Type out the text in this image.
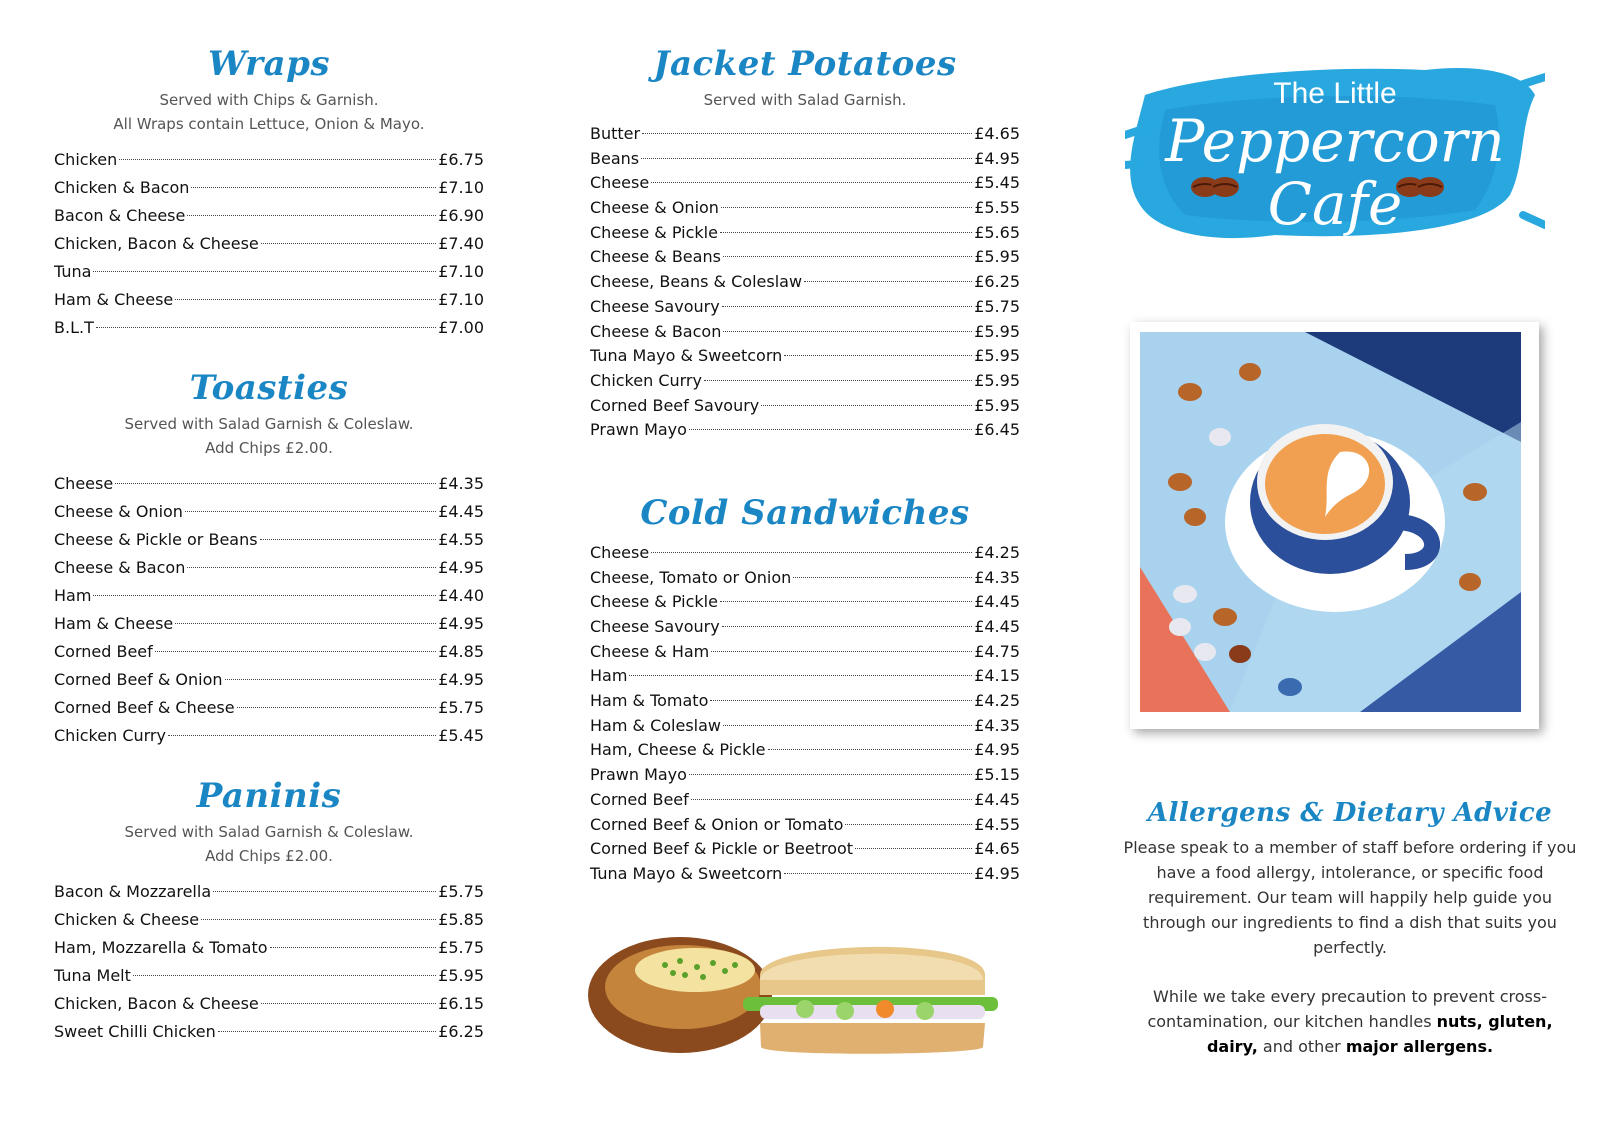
Wraps
Served with Chips & Garnish.
All Wraps contain Lettuce, Onion & Mayo.
Chicken	£6.75
Chicken & Bacon	£7.10
Bacon & Cheese	£6.90
Chicken, Bacon & Cheese	£7.40
Tuna	£7.10
Ham & Cheese	£7.10
B.L.T	£7.00
Toasties
Served with Salad Garnish & Coleslaw.
Add Chips £2.00.
Cheese	£4.35
Cheese & Onion	£4.45
Cheese & Pickle or Beans	£4.55
Cheese & Bacon	£4.95
Ham	£4.40
Ham & Cheese	£4.95
Corned Beef	£4.85
Corned Beef & Onion	£4.95
Corned Beef & Cheese	£5.75
Chicken Curry	£5.45
Paninis
Served with Salad Garnish & Coleslaw.
Add Chips £2.00.
Bacon & Mozzarella	£5.75
Chicken & Cheese	£5.85
Ham, Mozzarella & Tomato	£5.75
Tuna Melt	£5.95
Chicken, Bacon & Cheese	£6.15
Sweet Chilli Chicken	£6.25
Jacket Potatoes
Served with Salad Garnish.
Butter	£4.65
Beans	£4.95
Cheese	£5.45
Cheese & Onion	£5.55
Cheese & Pickle	£5.65
Cheese & Beans	£5.95
Cheese, Beans & Coleslaw	£6.25
Cheese Savoury	£5.75
Cheese & Bacon	£5.95
Tuna Mayo & Sweetcorn	£5.95
Chicken Curry	£5.95
Corned Beef Savoury	£5.95
Prawn Mayo	£6.45
Cold Sandwiches
Cheese	£4.25
Cheese, Tomato or Onion	£4.35
Cheese & Pickle	£4.45
Cheese Savoury	£4.45
Cheese & Ham	£4.75
Ham	£4.15
Ham & Tomato	£4.25
Ham & Coleslaw	£4.35
Ham, Cheese & Pickle	£4.95
Prawn Mayo	£5.15
Corned Beef	£4.45
Corned Beef & Onion or Tomato	£4.55
Corned Beef & Pickle or Beetroot	£4.65
Tuna Mayo & Sweetcorn	£4.95
The Little
Peppercorn
Cafe
Allergens & Dietary Advice

Please speak to a member of staff before ordering if you have a food allergy, intolerance, or specific food requirement. Our team will happily help guide you through our ingredients to find a dish that suits you perfectly.

While we take every precaution to prevent cross-contamination, our kitchen handles nuts, gluten, dairy, and other major allergens.
